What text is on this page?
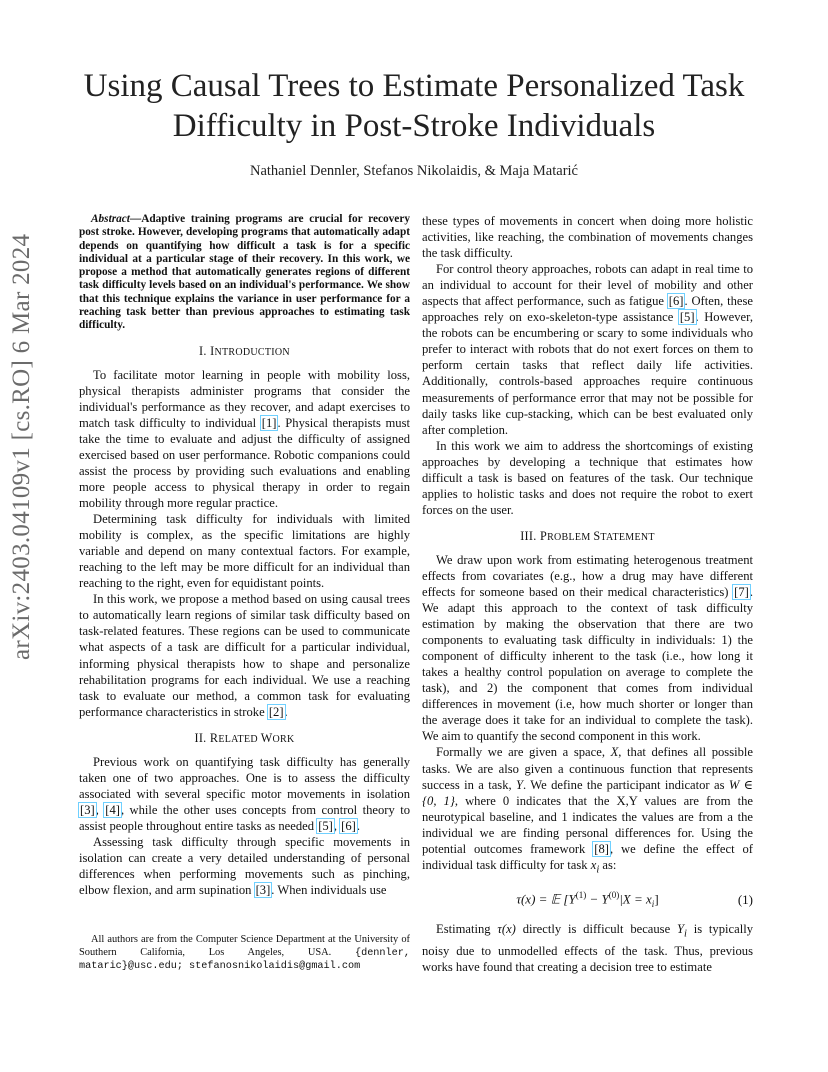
Using Causal Trees to Estimate Personalized Task
Difficulty in Post-Stroke Individuals
Nathaniel Dennler, Stefanos Nikolaidis, & Maja Matarić
arXiv:2403.04109v1 [cs.RO] 6 Mar 2024

Abstract—Adaptive training programs are crucial for recovery post stroke. However, developing programs that automatically adapt depends on quantifying how difficult a task is for a specific individual at a particular stage of their recovery. In this work, we propose a method that automatically generates regions of different task difficulty levels based on an individual's performance. We show that this technique explains the variance in user performance for a reaching task better than previous approaches to estimating task difficulty.

I. INTRODUCTION

To facilitate motor learning in people with mobility loss, physical therapists administer programs that consider the individual's performance as they recover, and adapt exercises to match task difficulty to individual [1]. Physical therapists must take the time to evaluate and adjust the difficulty of assigned exercised based on user performance. Robotic companions could assist the process by providing such evaluations and enabling more people access to physical therapy in order to regain mobility through more regular practice.

Determining task difficulty for individuals with limited mobility is complex, as the specific limitations are highly variable and depend on many contextual factors. For example, reaching to the left may be more difficult for an individual than reaching to the right, even for equidistant points.

In this work, we propose a method based on using causal trees to automatically learn regions of similar task difficulty based on task-related features. These regions can be used to communicate what aspects of a task are difficult for a particular individual, informing physical therapists how to shape and personalize rehabilitation programs for each individual. We use a reaching task to evaluate our method, a common task for evaluating performance characteristics in stroke [2].

II. RELATED WORK

Previous work on quantifying task difficulty has generally taken one of two approaches. One is to assess the difficulty associated with several specific motor movements in isolation [3], [4], while the other uses concepts from control theory to assist people throughout entire tasks as needed [5], [6].

Assessing task difficulty through specific movements in isolation can create a very detailed understanding of personal differences when performing movements such as pinching, elbow flexion, and arm supination [3]. When individuals use

All authors are from the Computer Science Department at the University of Southern California, Los Angeles, USA. {dennler, mataric}@usc.edu; stefanosnikolaidis@gmail.com

these types of movements in concert when doing more holistic activities, like reaching, the combination of movements changes the task difficulty.

For control theory approaches, robots can adapt in real time to an individual to account for their level of mobility and other aspects that affect performance, such as fatigue [6]. Often, these approaches rely on exo-skeleton-type assistance [5]. However, the robots can be encumbering or scary to some individuals who prefer to interact with robots that do not exert forces on them to perform certain tasks that reflect daily life activities. Additionally, controls-based approaches require continuous measurements of performance error that may not be possible for daily tasks like cup-stacking, which can be best evaluated only after completion.

In this work we aim to address the shortcomings of existing approaches by developing a technique that estimates how difficult a task is based on features of the task. Our technique applies to holistic tasks and does not require the robot to exert forces on the user.

III. PROBLEM STATEMENT

We draw upon work from estimating heterogenous treatment effects from covariates (e.g., how a drug may have different effects for someone based on their medical characteristics) [7]. We adapt this approach to the context of task difficulty estimation by making the observation that there are two components to evaluating task difficulty in individuals: 1) the component of difficulty inherent to the task (i.e., how long it takes a healthy control population on average to complete the task), and 2) the component that comes from individual differences in movement (i.e, how much shorter or longer than the average does it take for an individual to complete the task). We aim to quantify the second component in this work.

Formally we are given a space, X, that defines all possible tasks. We are also given a continuous function that represents success in a task, Y. We define the participant indicator as W ∈ {0, 1}, where 0 indicates that the X,Y values are from the neurotypical baseline, and 1 indicates the values are from a the individual we are finding personal differences for. Using the potential outcomes framework [8], we define the effect of individual task difficulty for task $x_i$ as:

τ(x) = 𝔼 $[Y^{(1)} - Y^{(0)}|X = x_i]$	(1)

Estimating τ(x) directly is difficult because $Y_i$ is typically noisy due to unmodelled effects of the task. Thus, previous works have found that creating a decision tree to estimate
